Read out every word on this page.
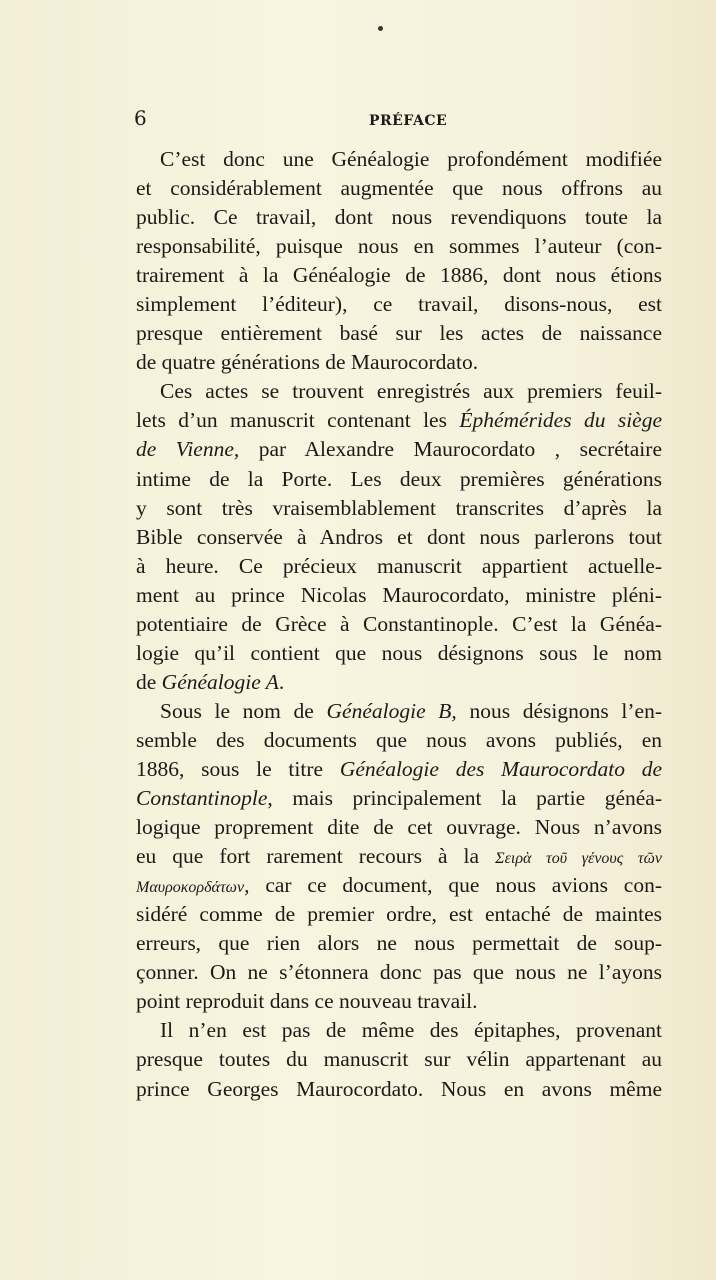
6	PRÉFACE
C’est donc une Généalogie profondément modifiée
et considérablement augmentée que nous offrons au
public. Ce travail, dont nous revendiquons toute la
responsabilité, puisque nous en sommes l’auteur (con-
trairement à la Généalogie de 1886, dont nous étions
simplement l’éditeur), ce travail, disons-nous, est
presque entièrement basé sur les actes de naissance
de quatre générations de Maurocordato.
Ces actes se trouvent enregistrés aux premiers feuil-
lets d’un manuscrit contenant les Éphémérides du siège
de Vienne, par Alexandre Maurocordato , secrétaire
intime de la Porte. Les deux premières générations
y sont très vraisemblablement transcrites d’après la
Bible conservée à Andros et dont nous parlerons tout
à heure. Ce précieux manuscrit appartient actuelle-
ment au prince Nicolas Maurocordato, ministre pléni-
potentiaire de Grèce à Constantinople. C’est la Généa-
logie qu’il contient que nous désignons sous le nom
de Généalogie A.
Sous le nom de Généalogie B, nous désignons l’en-
semble des documents que nous avons publiés, en
1886, sous le titre Généalogie des Maurocordato de
Constantinople, mais principalement la partie généa-
logique proprement dite de cet ouvrage. Nous n’avons
eu que fort rarement recours à la Σειρὰ τοῦ γένους τῶν
Μαυροκορδάτων, car ce document, que nous avions con-
sidéré comme de premier ordre, est entaché de maintes
erreurs, que rien alors ne nous permettait de soup-
çonner. On ne s’étonnera donc pas que nous ne l’ayons
point reproduit dans ce nouveau travail.
Il n’en est pas de même des épitaphes, provenant
presque toutes du manuscrit sur vélin appartenant au
prince Georges Maurocordato. Nous en avons même
